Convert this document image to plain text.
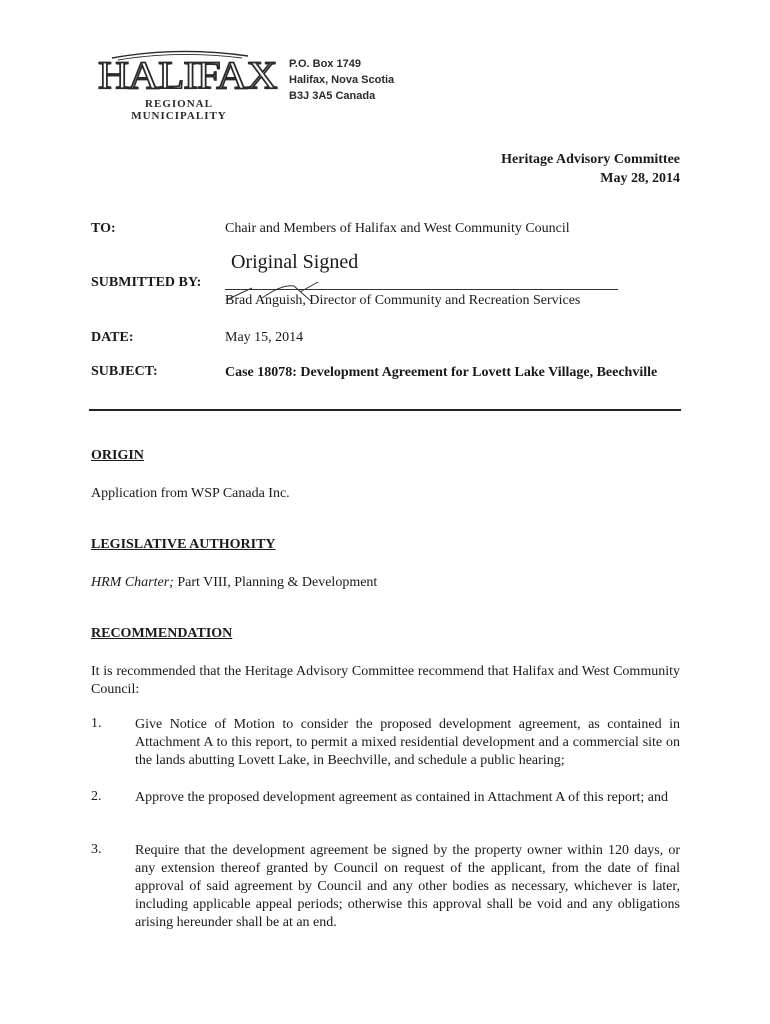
HALIFAX
REGIONAL MUNICIPALITY
P.O. Box 1749
Halifax, Nova Scotia
B3J 3A5 Canada
Heritage Advisory Committee
May 28, 2014
TO:	Chair and Members of Halifax and West Community Council
Original Signed
SUBMITTED BY:
Brad Anguish, Director of Community and Recreation Services
DATE:	May 15, 2014
SUBJECT:	Case 18078: Development Agreement for Lovett Lake Village, Beechville
ORIGIN
Application from WSP Canada Inc.
LEGISLATIVE AUTHORITY
HRM Charter; Part VIII, Planning & Development
RECOMMENDATION
It is recommended that the Heritage Advisory Committee recommend that Halifax and West Community Council:
1. Give Notice of Motion to consider the proposed development agreement, as contained in Attachment A to this report, to permit a mixed residential development and a commercial site on the lands abutting Lovett Lake, in Beechville, and schedule a public hearing;
2. Approve the proposed development agreement as contained in Attachment A of this report; and
3. Require that the development agreement be signed by the property owner within 120 days, or any extension thereof granted by Council on request of the applicant, from the date of final approval of said agreement by Council and any other bodies as necessary, whichever is later, including applicable appeal periods; otherwise this approval shall be void and any obligations arising hereunder shall be at an end.
